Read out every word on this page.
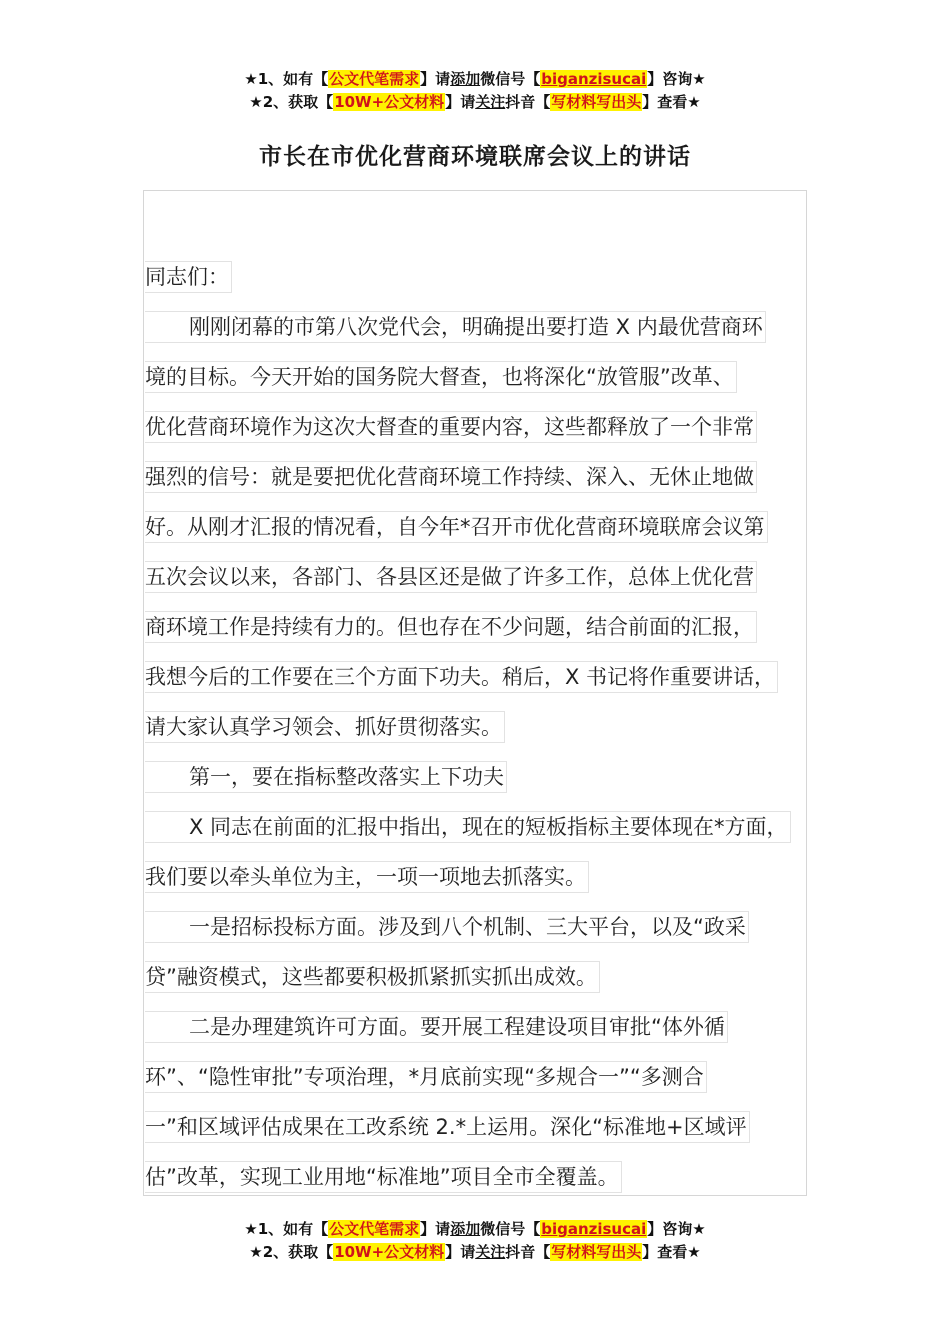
★1、如有【公文代笔需求】请添加微信号【biganzisucai】咨询★
★2、获取【10W+公文材料】请关注抖音【写材料写出头】查看★
市长在市优化营商环境联席会议上的讲话
同志们：
刚刚闭幕的市第八次党代会，明确提出要打造 X 内最优营商环
境的目标。今天开始的国务院大督查，也将深化“放管服”改革、
优化营商环境作为这次大督查的重要内容，这些都释放了一个非常
强烈的信号：就是要把优化营商环境工作持续、深入、无休止地做
好。从刚才汇报的情况看，自今年*召开市优化营商环境联席会议第
五次会议以来，各部门、各县区还是做了许多工作，总体上优化营
商环境工作是持续有力的。但也存在不少问题，结合前面的汇报，
我想今后的工作要在三个方面下功夫。稍后，X 书记将作重要讲话，
请大家认真学习领会、抓好贯彻落实。
第一，要在指标整改落实上下功夫
X 同志在前面的汇报中指出，现在的短板指标主要体现在*方面，
我们要以牵头单位为主，一项一项地去抓落实。
一是招标投标方面。涉及到八个机制、三大平台，以及“政采
贷”融资模式，这些都要积极抓紧抓实抓出成效。
二是办理建筑许可方面。要开展工程建设项目审批“体外循
环”、“隐性审批”专项治理，*月底前实现“多规合一”“多测合
一”和区域评估成果在工改系统 2.*上运用。深化“标准地+区域评
估”改革，实现工业用地“标准地”项目全市全覆盖。
★1、如有【公文代笔需求】请添加微信号【biganzisucai】咨询★
★2、获取【10W+公文材料】请关注抖音【写材料写出头】查看★
